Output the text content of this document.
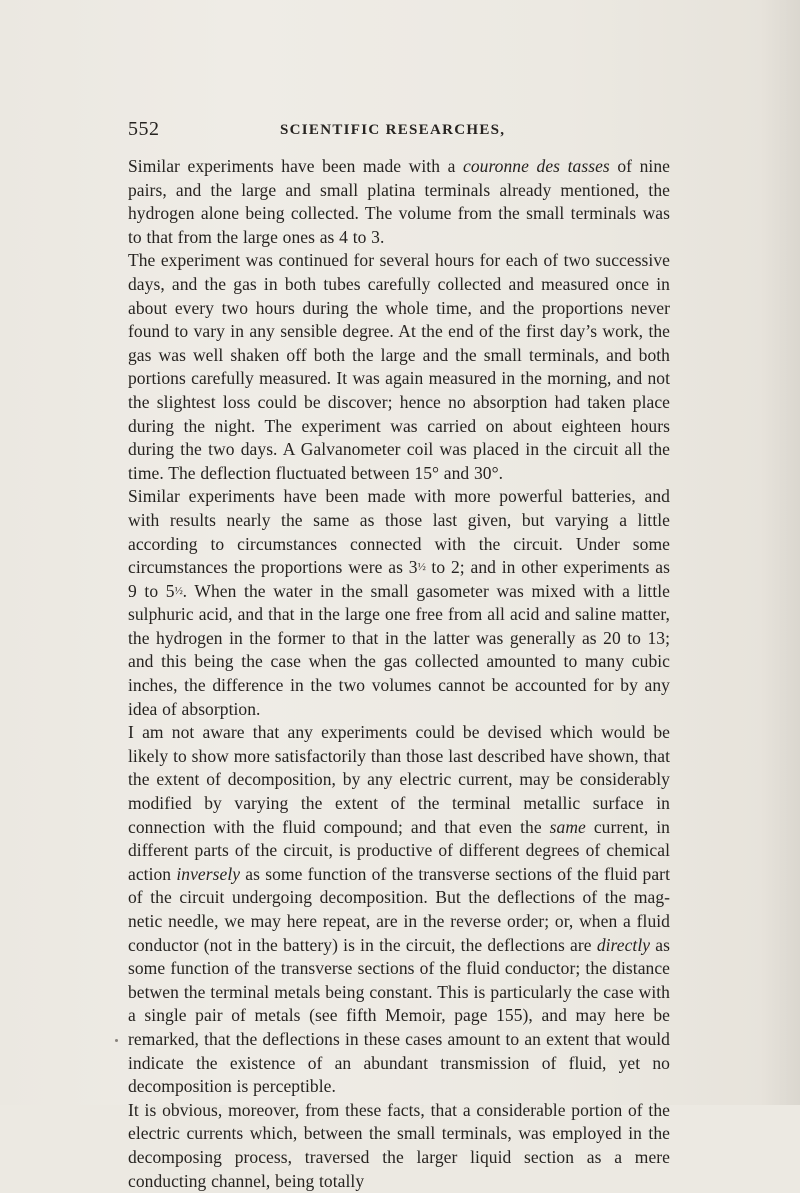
552	SCIENTIFIC RESEARCHES,

Similar experiments have been made with a couronne des tasses of nine pairs, and the large and small platina terminals already mentioned, the hydrogen alone being collected. The volume from the small terminals was to that from the large ones as 4 to 3.

The experiment was continued for several hours for each of two successive days, and the gas in both tubes carefully collected and measured once in about every two hours during the whole time, and the proportions never found to vary in any sensible degree. At the end of the first day’s work, the gas was well shaken off both the large and the small terminals, and both portions carefully measured. It was again measured in the morning, and not the slightest loss could be discover; hence no absorption had taken place during the night. The experiment was carried on about eighteen hours during the two days. A Galvanometer coil was placed in the circuit all the time. The deflection fluctuated between 15° and 30°.

Similar experiments have been made with more powerful batteries, and with results nearly the same as those last given, but varying a little according to circumstances connected with the circuit. Under some circumstances the proportions were as 3½ to 2; and in other experiments as 9 to 5½. When the water in the small gasometer was mixed with a little sulphuric acid, and that in the large one free from all acid and saline matter, the hydrogen in the former to that in the latter was generally as 20 to 13; and this being the case when the gas collected amounted to many cubic inches, the difference in the two volumes cannot be accounted for by any idea of absorption.

I am not aware that any experiments could be devised which would be likely to show more satisfactorily than those last described have shown, that the extent of decomposition, by any electric current, may be considerably modified by varying the extent of the terminal metallic surface in connection with the fluid compound; and that even the same current, in different parts of the circuit, is productive of different degrees of chemical action inversely as some function of the transverse sections of the fluid part of the circuit undergoing decomposition. But the deflections of the magnetic needle, we may here repeat, are in the reverse order; or, when a fluid conductor (not in the battery) is in the circuit, the deflections are directly as some function of the transverse sections of the fluid conductor; the distance betwen the terminal metals being constant. This is particularly the case with a single pair of metals (see fifth Memoir, page 155), and may here be remarked, that the deflections in these cases amount to an extent that would indicate the existence of an abundant transmission of fluid, yet no decomposition is perceptible.

It is obvious, moreover, from these facts, that a considerable portion of the electric currents which, between the small terminals, was employed in the decomposing process, traversed the larger liquid section as a mere conducting channel, being totally
